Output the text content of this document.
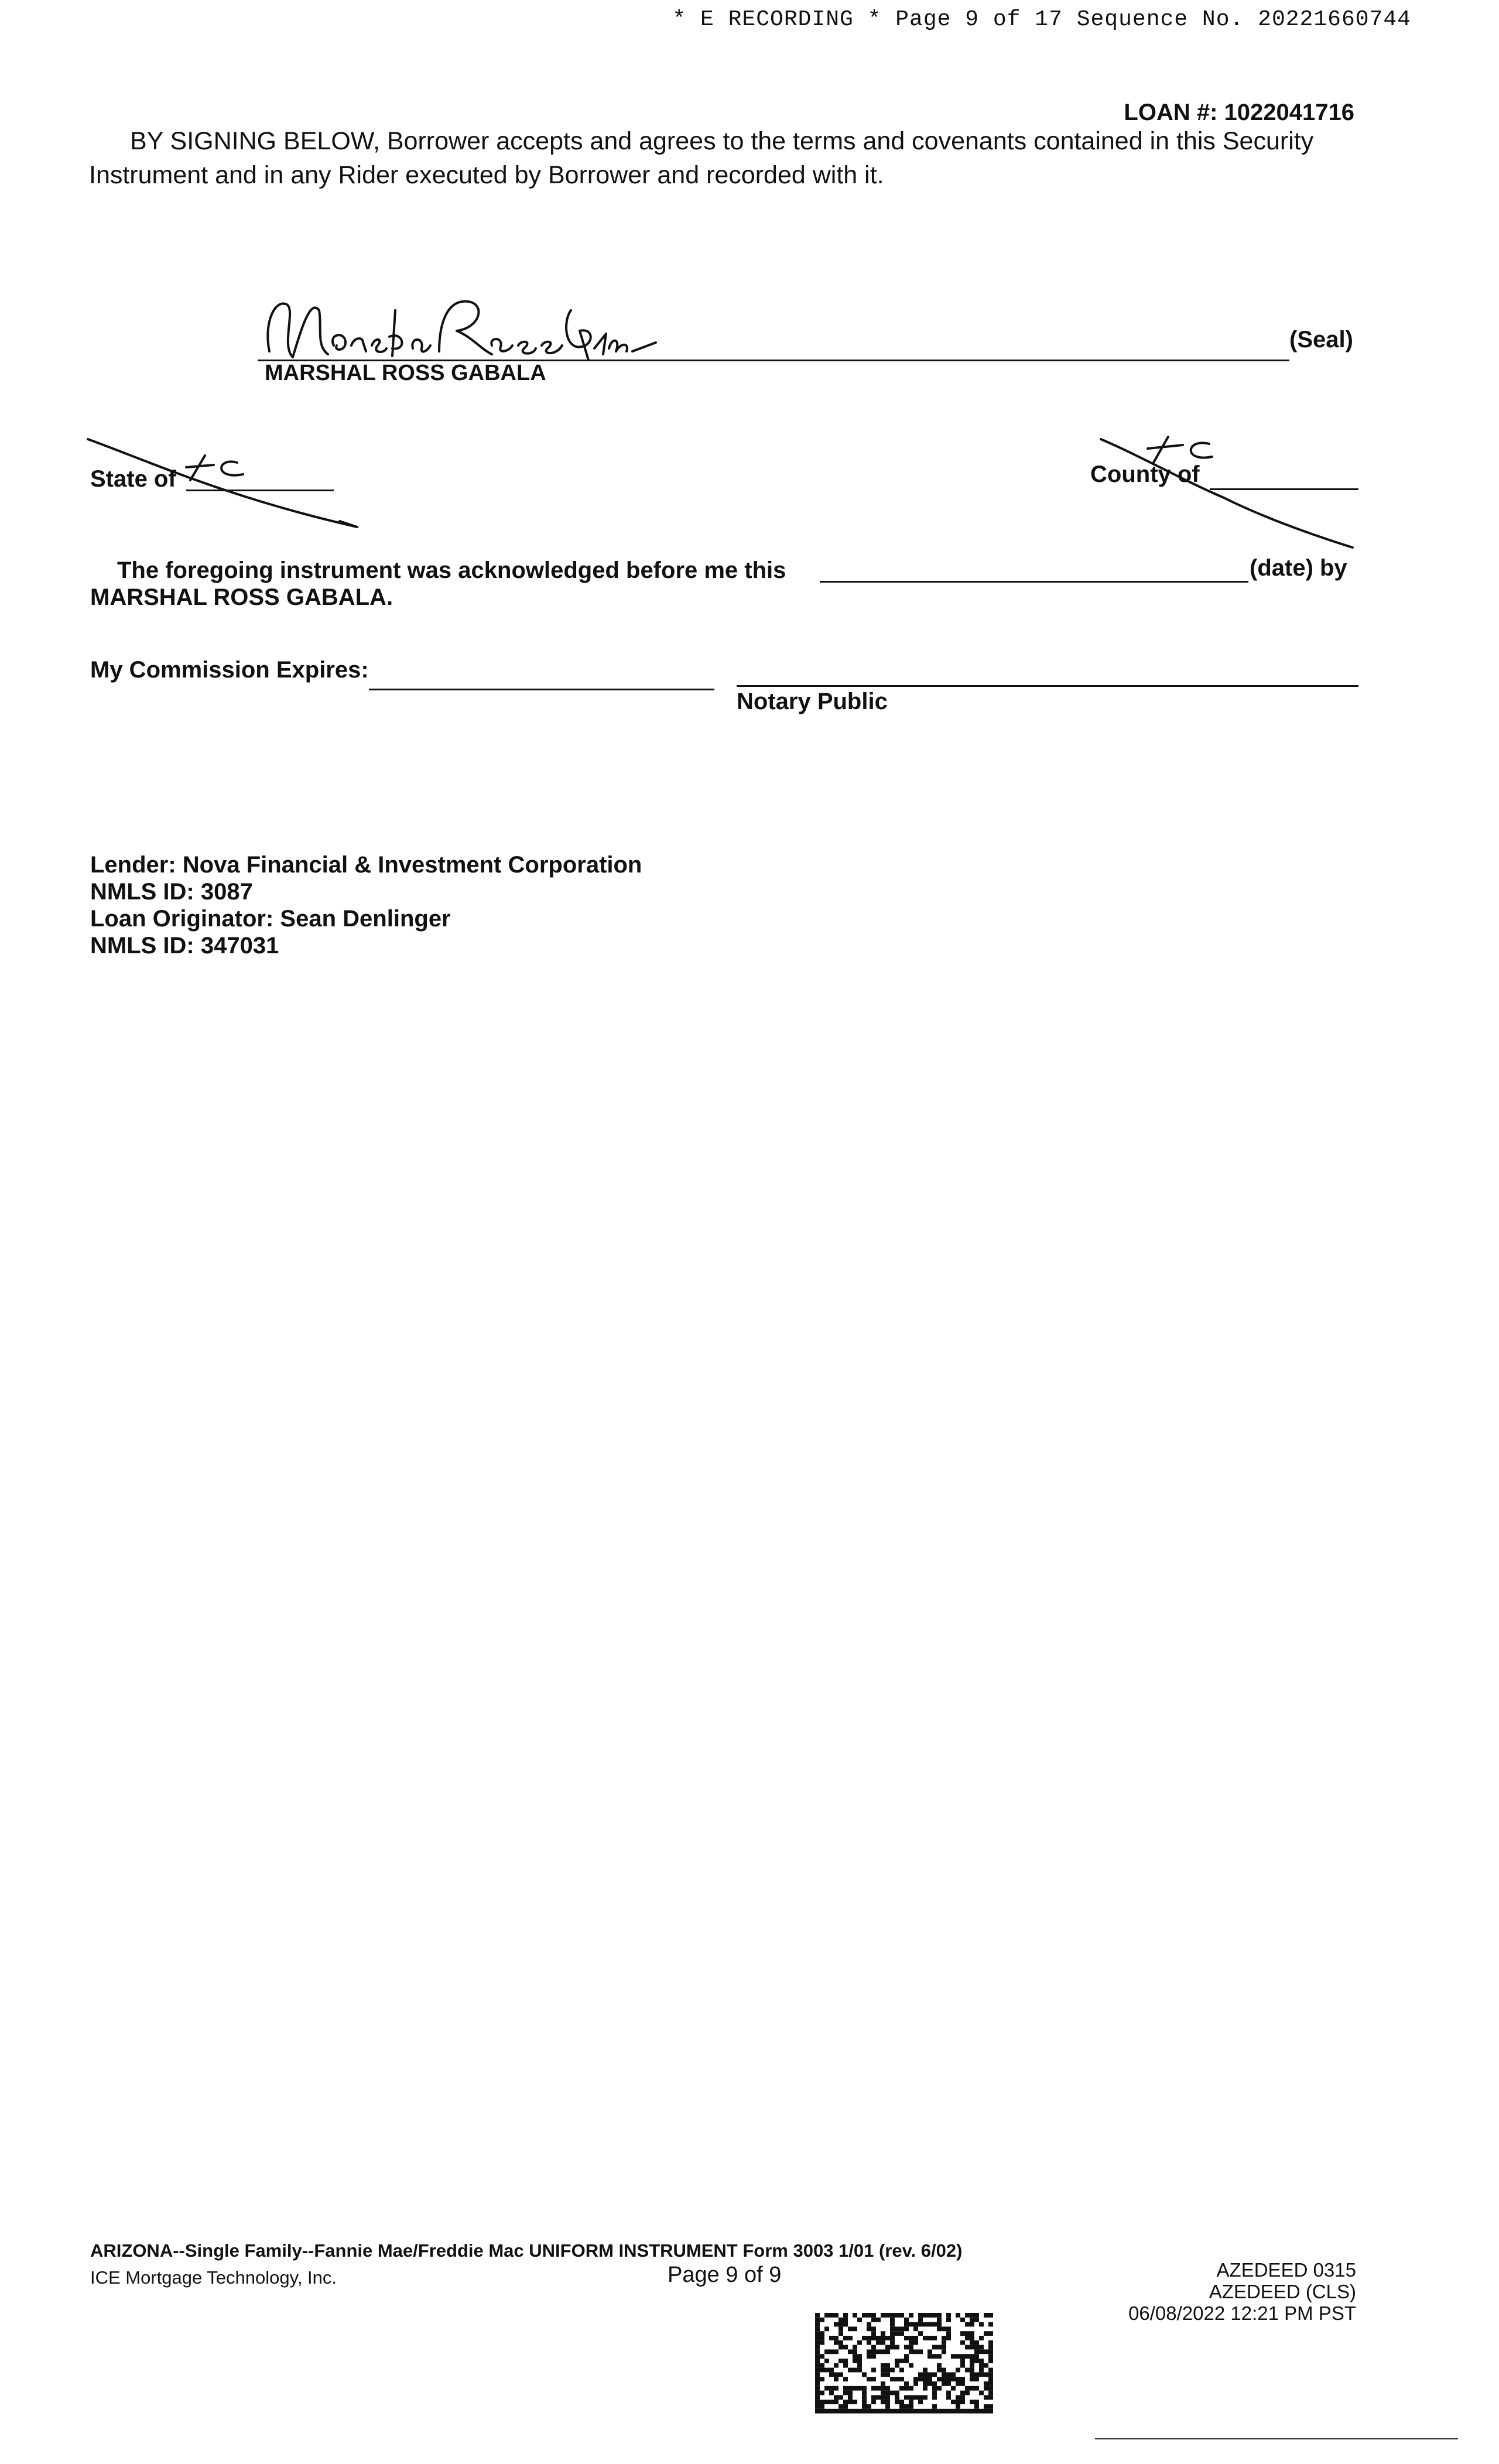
* E RECORDING * Page 9 of 17 Sequence No. 20221660744
LOAN #: 1022041716
BY SIGNING BELOW, Borrower accepts and agrees to the terms and covenants contained in this Security Instrument and in any Rider executed by Borrower and recorded with it.
MARSHAL ROSS GABALA
(Seal)
State of	County of
The foregoing instrument was acknowledged before me this	(date) by
MARSHAL ROSS GABALA.
My Commission Expires:
Notary Public
Lender: Nova Financial & Investment Corporation
NMLS ID: 3087
Loan Originator: Sean Denlinger
NMLS ID: 347031
ARIZONA--Single Family--Fannie Mae/Freddie Mac UNIFORM INSTRUMENT Form 3003 1/01 (rev. 6/02)
ICE Mortgage Technology, Inc.	Page 9 of 9	AZEDEED 0315
AZEDEED (CLS)
06/08/2022 12:21 PM PST
